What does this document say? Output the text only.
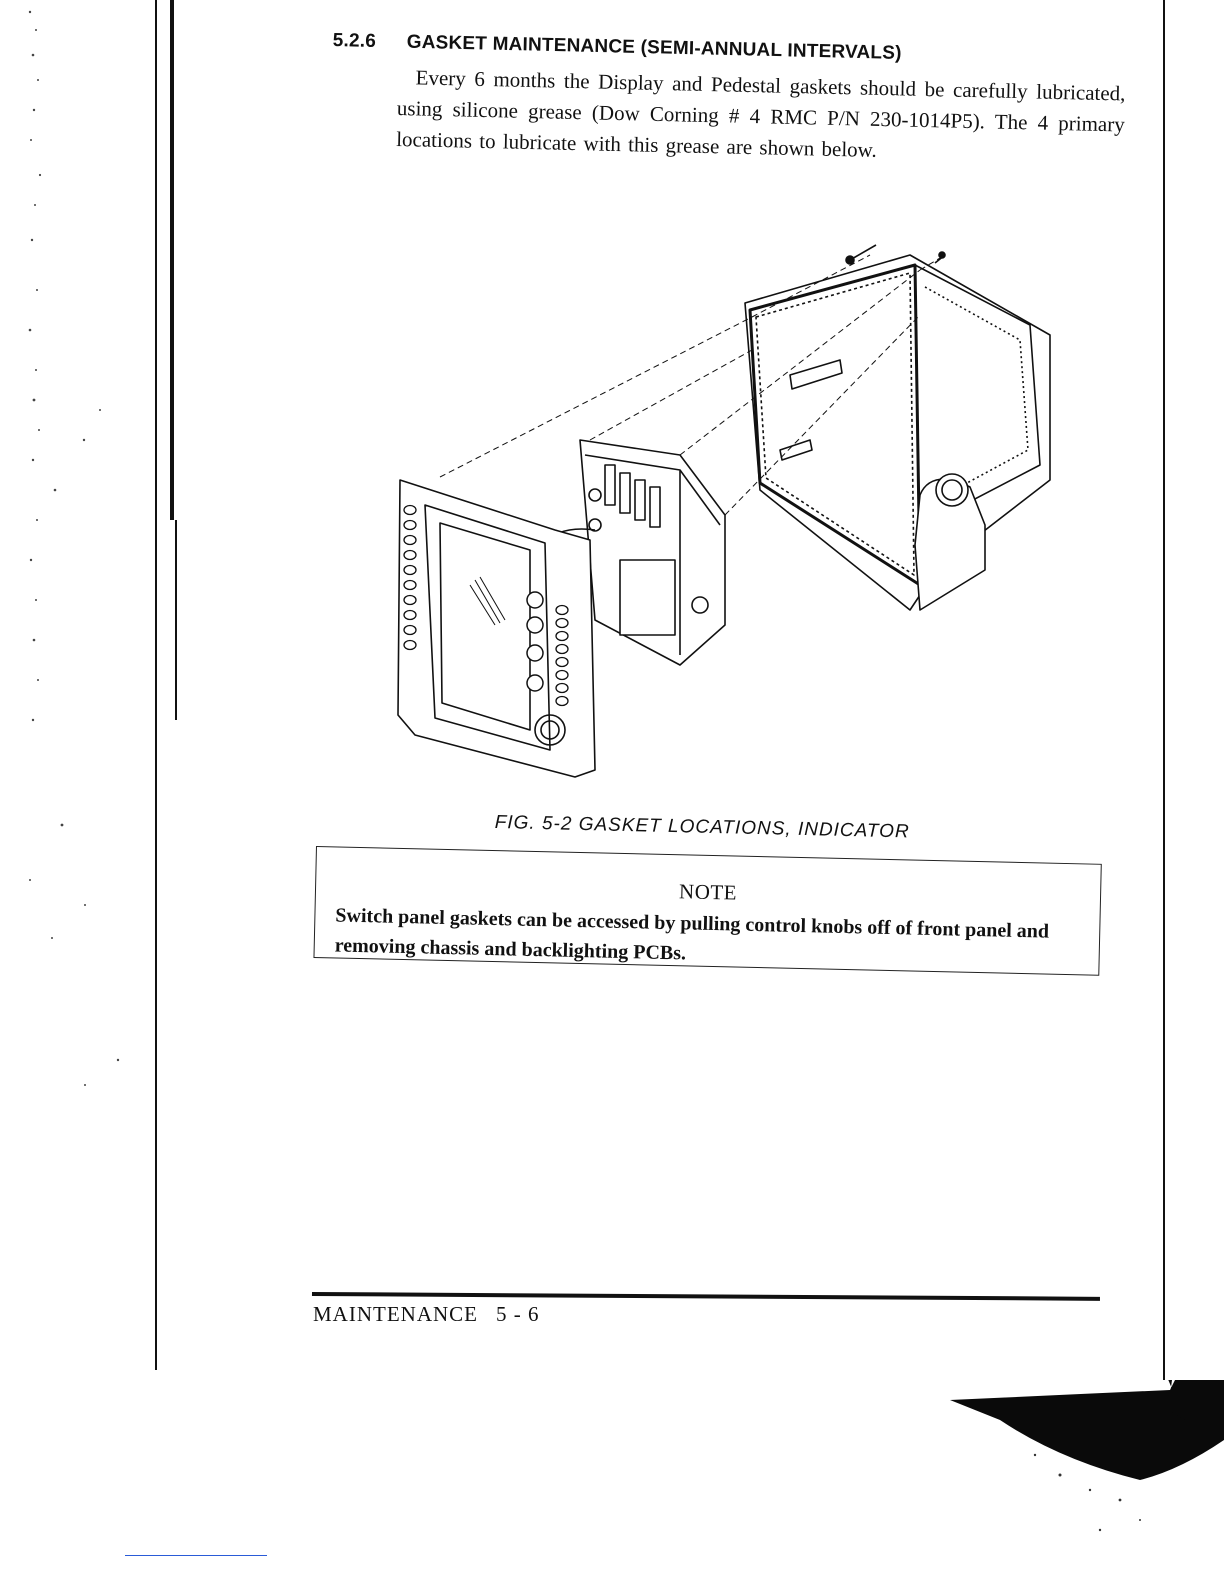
5.2.6 GASKET MAINTENANCE (SEMI-ANNUAL INTERVALS)
Every 6 months the Display and Pedestal gaskets should be carefully lubricated, using silicone grease (Dow Corning # 4 RMC P/N 230-1014P5). The 4 primary locations to lubricate with this grease are shown below.
FIG. 5-2 GASKET LOCATIONS, INDICATOR
NOTE
Switch panel gaskets can be accessed by pulling control knobs off of front panel and removing chassis and backlighting PCBs.
MAINTENANCE 5 - 6
